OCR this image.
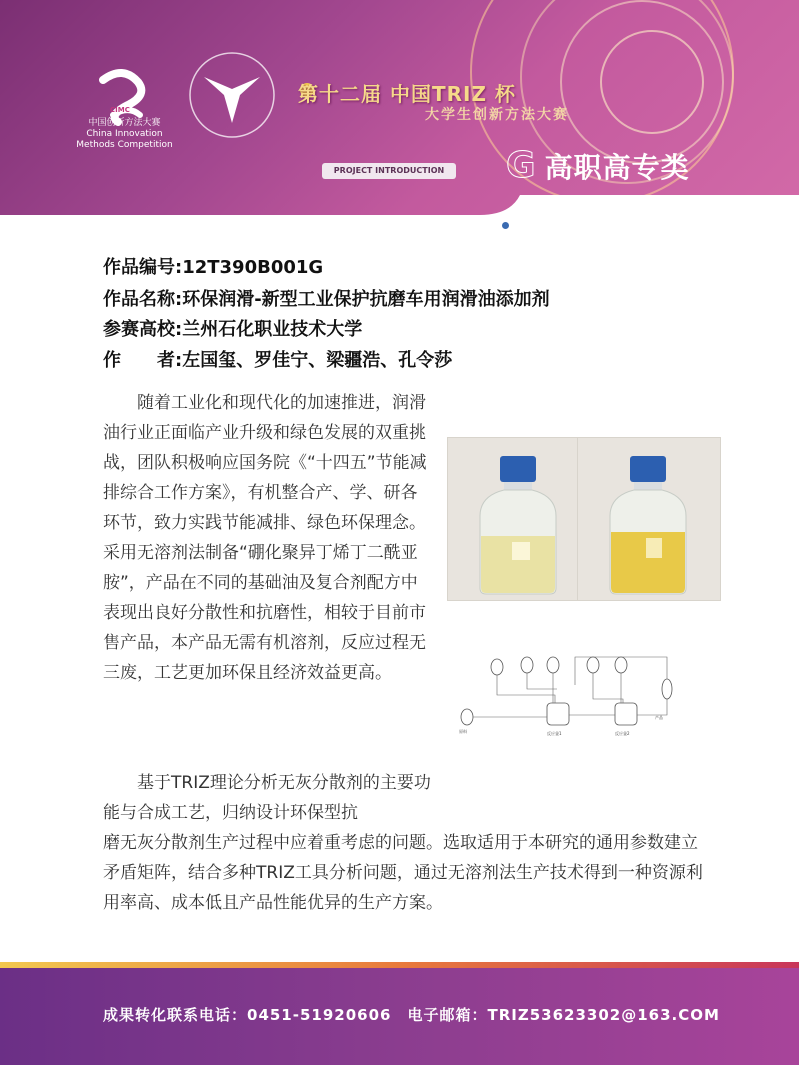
CIMC
中国创新方法大赛
China Innovation
Methods Competition
第十二届 中国TRIZ 杯
大学生创新方法大赛
PROJECT INTRODUCTION	G 高职高专类
作品编号:12T390B001G
作品名称:环保润滑-新型工业保护抗磨车用润滑油添加剂
参赛高校:兰州石化职业技术大学
作　　者:左国玺、罗佳宁、梁疆浩、孔令莎

随着工业化和现代化的加速推进，润滑油行业正面临产业升级和绿色发展的双重挑战，团队积极响应国务院《“十四五”节能减排综合工作方案》，有机整合产、学、研各环节，致力实践节能减排、绿色环保理念。采用无溶剂法制备“硼化聚异丁烯丁二酰亚胺”，产品在不同的基础油及复合剂配方中表现出良好分散性和抗磨性，相较于目前市售产品，本产品无需有机溶剂，反应过程无三废，工艺更加环保且经济效益更高。

反应釜1	反应釜2
原料
产品
基于TRIZ理论分析无灰分散剂的主要功能与合成工艺，归纳设计环保型抗
磨无灰分散剂生产过程中应着重考虑的问题。选取适用于本研究的通用参数建立矛盾矩阵，结合多种TRIZ工具分析问题，通过无溶剂法生产技术得到一种资源利用率高、成本低且产品性能优异的生产方案。
成果转化联系电话：0451-51920606　电子邮箱：TRIZ53623302@163.COM
